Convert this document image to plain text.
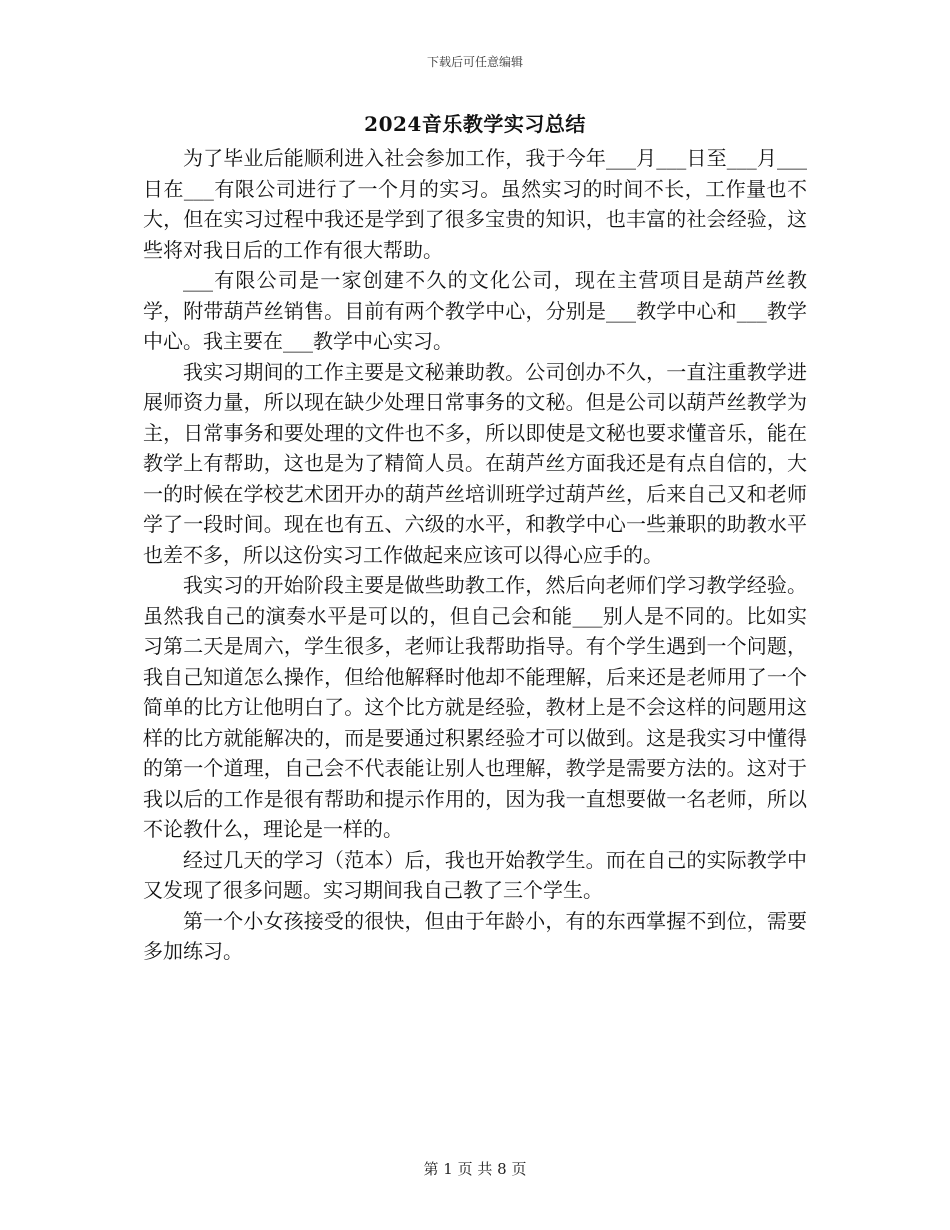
下载后可任意编辑
2024音乐教学实习总结

为了毕业后能顺利进入社会参加工作，我于今年___月___日至___月___日在___有限公司进行了一个月的实习。虽然实习的时间不长，工作量也不大，但在实习过程中我还是学到了很多宝贵的知识，也丰富的社会经验，这些将对我日后的工作有很大帮助。

___有限公司是一家创建不久的文化公司，现在主营项目是葫芦丝教学，附带葫芦丝销售。目前有两个教学中心，分别是___教学中心和___教学中心。我主要在___教学中心实习。

我实习期间的工作主要是文秘兼助教。公司创办不久，一直注重教学进展师资力量，所以现在缺少处理日常事务的文秘。但是公司以葫芦丝教学为主，日常事务和要处理的文件也不多，所以即使是文秘也要求懂音乐，能在教学上有帮助，这也是为了精简人员。在葫芦丝方面我还是有点自信的，大一的时候在学校艺术团开办的葫芦丝培训班学过葫芦丝，后来自己又和老师学了一段时间。现在也有五、六级的水平，和教学中心一些兼职的助教水平也差不多，所以这份实习工作做起来应该可以得心应手的。

我实习的开始阶段主要是做些助教工作，然后向老师们学习教学经验。虽然我自己的演奏水平是可以的，但自己会和能___别人是不同的。比如实习第二天是周六，学生很多，老师让我帮助指导。有个学生遇到一个问题，我自己知道怎么操作，但给他解释时他却不能理解，后来还是老师用了一个简单的比方让他明白了。这个比方就是经验，教材上是不会这样的问题用这样的比方就能解决的，而是要通过积累经验才可以做到。这是我实习中懂得的第一个道理，自己会不代表能让别人也理解，教学是需要方法的。这对于我以后的工作是很有帮助和提示作用的，因为我一直想要做一名老师，所以不论教什么，理论是一样的。

经过几天的学习（范本）后，我也开始教学生。而在自己的实际教学中又发现了很多问题。实习期间我自己教了三个学生。

第一个小女孩接受的很快，但由于年龄小，有的东西掌握不到位，需要多加练习。

第 1 页 共 8 页
